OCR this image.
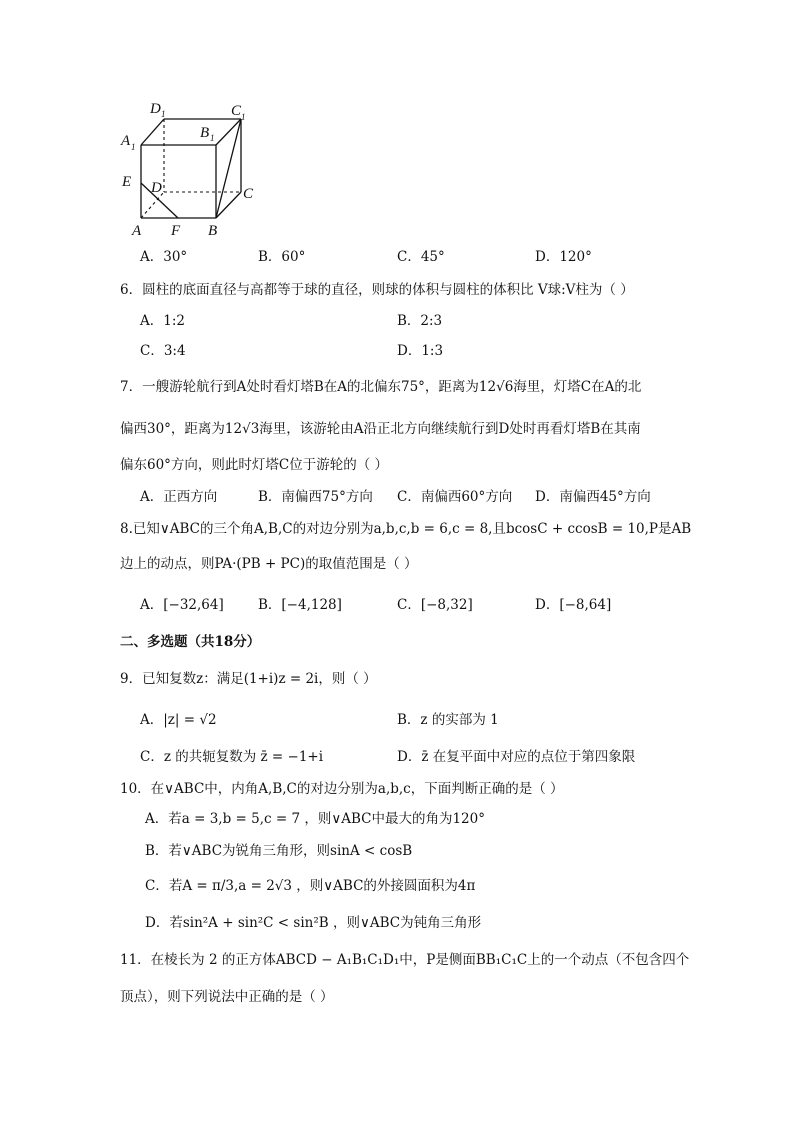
D 1	C 1
A 1
B 1
E D	C
A F B
A．30°	B．60°	C．45°	D．120°
6．圆柱的底面直径与高都等于球的直径，则球的体积与圆柱的体积比 V球:V柱为（ ）
A．1:2	B．2:3
C．3:4	D．1:3
7．一艘游轮航行到A处时看灯塔B在A的北偏东75°，距离为12√6海里，灯塔C在A的北
偏西30°，距离为12√3海里，该游轮由A沿正北方向继续航行到D处时再看灯塔B在其南
偏东60°方向，则此时灯塔C位于游轮的（ ）
A．正西方向	B．南偏西75°方向 C．南偏西60°方向 D．南偏西45°方向
8.已知∨ABC的三个角A,B,C的对边分别为a,b,c,b = 6,c = 8,且bcosC + ccosB = 10,P是AB
边上的动点，则PA·(PB + PC)的取值范围是（ ）
A．[−32,64]	B．[−4,128]	C．[−8,32]	D．[−8,64]
二、多选题（共18分）
9．已知复数z：满足(1+i)z = 2i，则（ ）
A．|z| = √2	B．z 的实部为 1
C．z 的共轭复数为 z̄ = −1+i	D．z̄ 在复平面中对应的点位于第四象限
10．在∨ABC中，内角A,B,C的对边分别为a,b,c，下面判断正确的是（ ）
A．若a = 3,b = 5,c = 7 ，则∨ABC中最大的角为120°
B．若∨ABC为锐角三角形，则sinA < cosB
C．若A = π/3,a = 2√3 ，则∨ABC的外接圆面积为4π
D．若sin²A + sin²C < sin²B ，则∨ABC为钝角三角形
11．在棱长为 2 的正方体ABCD − A₁B₁C₁D₁中，P是侧面BB₁C₁C上的一个动点（不包含四个
顶点），则下列说法中正确的是（ ）
